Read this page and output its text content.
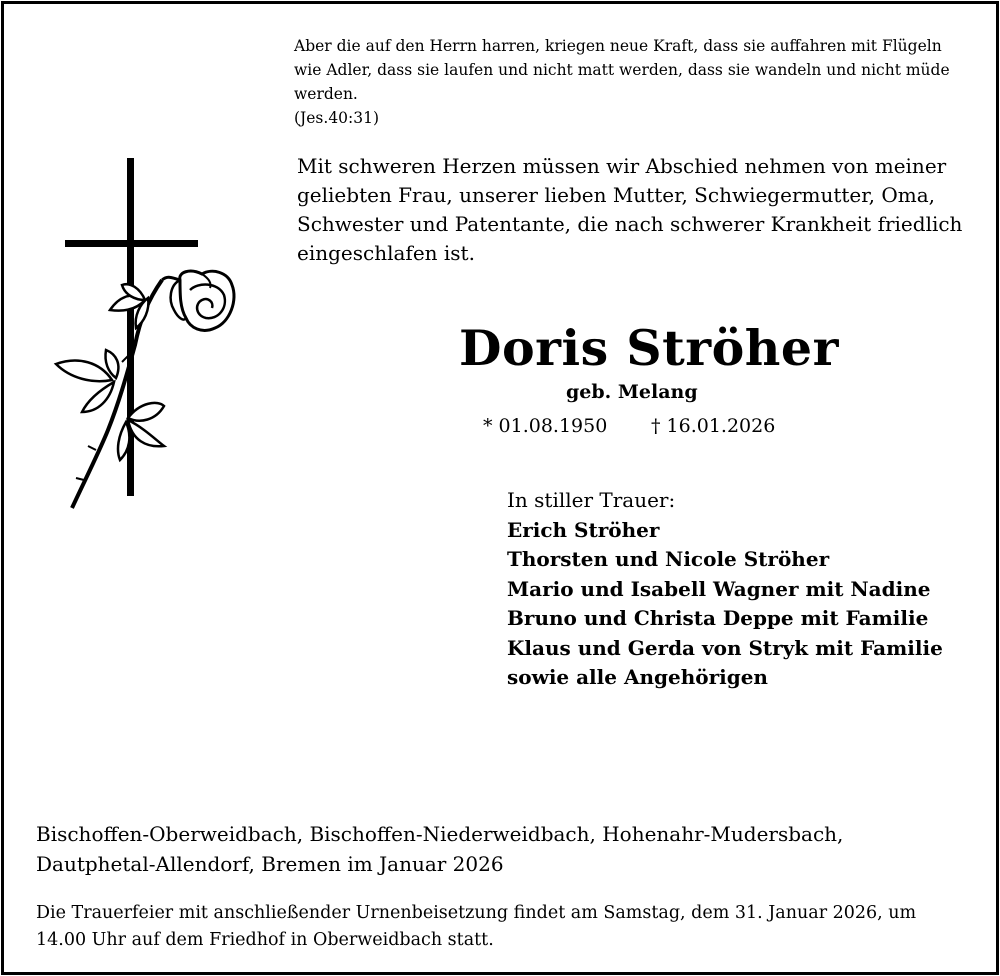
Aber die auf den Herrn harren, kriegen neue Kraft, dass sie auffahren mit Flügeln
wie Adler, dass sie laufen und nicht matt werden, dass sie wandeln und nicht müde
werden.
(Jes.40:31)
Mit schweren Herzen müssen wir Abschied nehmen von meiner
geliebten Frau, unserer lieben Mutter, Schwiegermutter, Oma,
Schwester und Patentante, die nach schwerer Krankheit friedlich
eingeschlafen ist.
Doris Ströher
geb. Melang
* 01.08.1950 † 16.01.2026
In stiller Trauer:
Erich Ströher
Thorsten und Nicole Ströher
Mario und Isabell Wagner mit Nadine
Bruno und Christa Deppe mit Familie
Klaus und Gerda von Stryk mit Familie
sowie alle Angehörigen
Bischoffen-Oberweidbach, Bischoffen-Niederweidbach, Hohenahr-Mudersbach,
Dautphetal-Allendorf, Bremen im Januar 2026
Die Trauerfeier mit anschließender Urnenbeisetzung findet am Samstag, dem 31. Januar 2026, um
14.00 Uhr auf dem Friedhof in Oberweidbach statt.
